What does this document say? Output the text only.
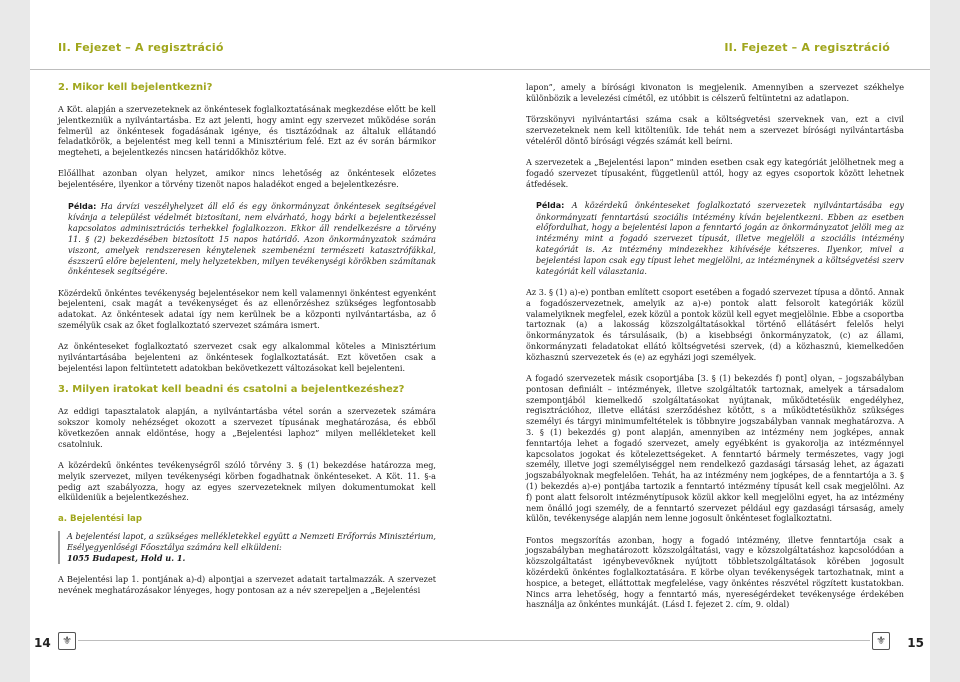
II. Fejezet – A regisztráció
2. Mikor kell bejelentkezni?

A Köt. alapján a szervezeteknek az önkéntesek foglalkoztatásának megkezdése előtt be kell jelentkezniük a nyilvántartásba. Ez azt jelenti, hogy amint egy szervezet működése során felmerül az önkéntesek fogadásának igénye, és tisztázódnak az általuk ellátandó feladatkörök, a bejelentést meg kell tenni a Minisztérium felé. Ezt az év során bármikor megteheti, a bejelentkezés nincsen határidőkhöz kötve.

Előállhat azonban olyan helyzet, amikor nincs lehetőség az önkéntesek előzetes bejelentésére, ilyenkor a törvény tizenöt napos haladékot enged a bejelentkezésre.

Példa: Ha árvízi veszélyhelyzet áll elő és egy önkormányzat önkéntesek segítségével kívánja a települést védelmét biztosítani, nem elvárható, hogy bárki a bejelentkezéssel kapcsolatos adminisztrációs terhekkel foglalkozzon. Ekkor áll rendelkezésre a törvény 11. § (2) bekezdésében biztosított 15 napos határidő. Azon önkormányzatok számára viszont, amelyek rendszeresen kénytelenek szembenézni természeti katasztrófákkal, észszerű előre bejelenteni, mely helyzetekben, milyen tevékenységi körökben számítanak önkéntesek segítségére.

Közérdekű önkéntes tevékenység bejelentésekor nem kell valamennyi önkéntest egyenként bejelenteni, csak magát a tevékenységet és az ellenőrzéshez szükséges legfontosabb adatokat. Az önkéntesek adatai így nem kerülnek be a központi nyilvántartásba, az ő személyük csak az őket foglalkoztató szervezet számára ismert.

Az önkénteseket foglalkoztató szervezet csak egy alkalommal köteles a Minisztérium nyilvántartásába bejelenteni az önkéntesek foglalkoztatását. Ezt követően csak a bejelentési lapon feltüntetett adatokban bekövetkezett változásokat kell bejelenteni.

3. Milyen iratokat kell beadni és csatolni a bejelentkezéshez?

Az eddigi tapasztalatok alapján, a nyilvántartásba vétel során a szervezetek számára sokszor komoly nehézséget okozott a szervezet típusának meghatározása, és ebből következően annak eldöntése, hogy a „Bejelentési laphoz” milyen mellékleteket kell csatolniuk.

A közérdekű önkéntes tevékenységről szóló törvény 3. § (1) bekezdése határozza meg, melyik szervezet, milyen tevékenységi körben fogadhatnak önkénteseket. A Köt. 11. §-a pedig azt szabályozza, hogy az egyes szervezeteknek milyen dokumentumokat kell elküldeniük a bejelentkezéshez.

a. Bejelentési lap
A bejelentési lapot, a szükséges mellékletekkel együtt a Nemzeti Erőforrás Minisztérium, Esélyegyenlőségi Főosztálya számára kell elküldeni:
1055 Budapest, Hold u. 1.

A Bejelentési lap 1. pontjának a)-d) alpontjai a szervezet adatait tartalmazzák. A szervezet nevének meghatározásakor lényeges, hogy pontosan az a név szerepeljen a „Bejelentési

14	⚜
II. Fejezet – A regisztráció

lapon”, amely a bírósági kivonaton is megjelenik. Amennyiben a szervezet székhelye különbözik a levelezési címétől, ez utóbbit is célszerű feltüntetni az adatlapon.

Törzskönyvi nyilvántartási száma csak a költségvetési szerveknek van, ezt a civil szervezeteknek nem kell kitölteniük. Ide tehát nem a szervezet bírósági nyilvántartásba vételéről döntő bírósági végzés számát kell beírni.

A szervezetek a „Bejelentési lapon” minden esetben csak egy kategóriát jelölhetnek meg a fogadó szervezet típusaként, függetlenül attól, hogy az egyes csoportok között lehetnek átfedések.

Példa: A közérdekű önkénteseket foglalkoztató szervezetek nyilvántartásába egy önkormányzati fenntartású szociális intézmény kíván bejelentkezni. Ebben az esetben előfordulhat, hogy a bejelentési lapon a fenntartó jogán az önkormányzatot jelöli meg az intézmény mint a fogadó szervezet típusát, illetve megjelöli a szociális intézmény kategóriát is. Az intézmény mindezekhez kihívéséje kétszeres. Ilyenkor, mivel a bejelentési lapon csak egy típust lehet megjelölni, az intézménynek a költségvetési szerv kategóriát kell választania.

Az 3. § (1) a)-e) pontban említett csoport esetében a fogadó szervezet típusa a döntő. Annak a fogadószervezetnek, amelyik az a)-e) pontok alatt felsorolt kategóriák közül valamelyiknek megfelel, ezek közül a pontok közül kell egyet megjelölnie. Ebbe a csoportba tartoznak (a) a lakosság közszolgáltatásokkal történő ellátásért felelős helyi önkormányzatok és társulásaik, (b) a kisebbségi önkormányzatok, (c) az állami, önkormányzati feladatokat ellátó költségvetési szervek, (d) a közhasznú, kiemelkedően közhasznú szervezetek és (e) az egyházi jogi személyek.

A fogadó szervezetek másik csoportjába [3. § (1) bekezdés f) pont] olyan, – jogszabályban pontosan definiált – intézmények, illetve szolgáltatók tartoznak, amelyek a társadalom szempontjából kiemelkedő szolgáltatásokat nyújtanak, működtetésük engedélyhez, regisztrációhoz, illetve ellátási szerződéshez kötött, s a működtetésükhöz szükséges személyi és tárgyi minimumfeltételek is többnyire jogszabályban vannak meghatározva. A 3. § (1) bekezdés g) pont alapján, amennyiben az intézmény nem jogképes, annak fenntartója lehet a fogadó szervezet, amely egyébként is gyakorolja az intézménnyel kapcsolatos jogokat és kötelezettségeket. A fenntartó bármely természetes, vagy jogi személy, illetve jogi személyiséggel nem rendelkező gazdasági társaság lehet, az ágazati jogszabályoknak megfelelően. Tehát, ha az intézmény nem jogképes, de a fenntartója a 3. § (1) bekezdés a)-e) pontjába tartozik a fenntartó intézmény típusát kell csak megjelölni. Az f) pont alatt felsorolt intézménytípusok közül akkor kell megjelölni egyet, ha az intézmény nem önálló jogi személy, de a fenntartó szervezet például egy gazdasági társaság, amely külön, tevékenysége alapján nem lenne jogosult önkénteset foglalkoztatni.

Fontos megszorítás azonban, hogy a fogadó intézmény, illetve fenntartója csak a jogszabályban meghatározott közszolgáltatási, vagy e közszolgáltatáshoz kapcsolódóan a közszolgáltatást igénybevevőknek nyújtott többletszolgáltatások körében jogosult közérdekű önkéntes foglalkoztatására. E körbe olyan tevékenységek tartozhatnak, mint a hospice, a beteget, elláttottak megfelelése, vagy önkéntes részvétel rögzített kustatokban. Nincs arra lehetőség, hogy a fenntartó más, nyereségérdeket tevékenysége érdekében használja az önkéntes munkáját. (Lásd I. fejezet 2. cím, 9. oldal)

15
⚜
